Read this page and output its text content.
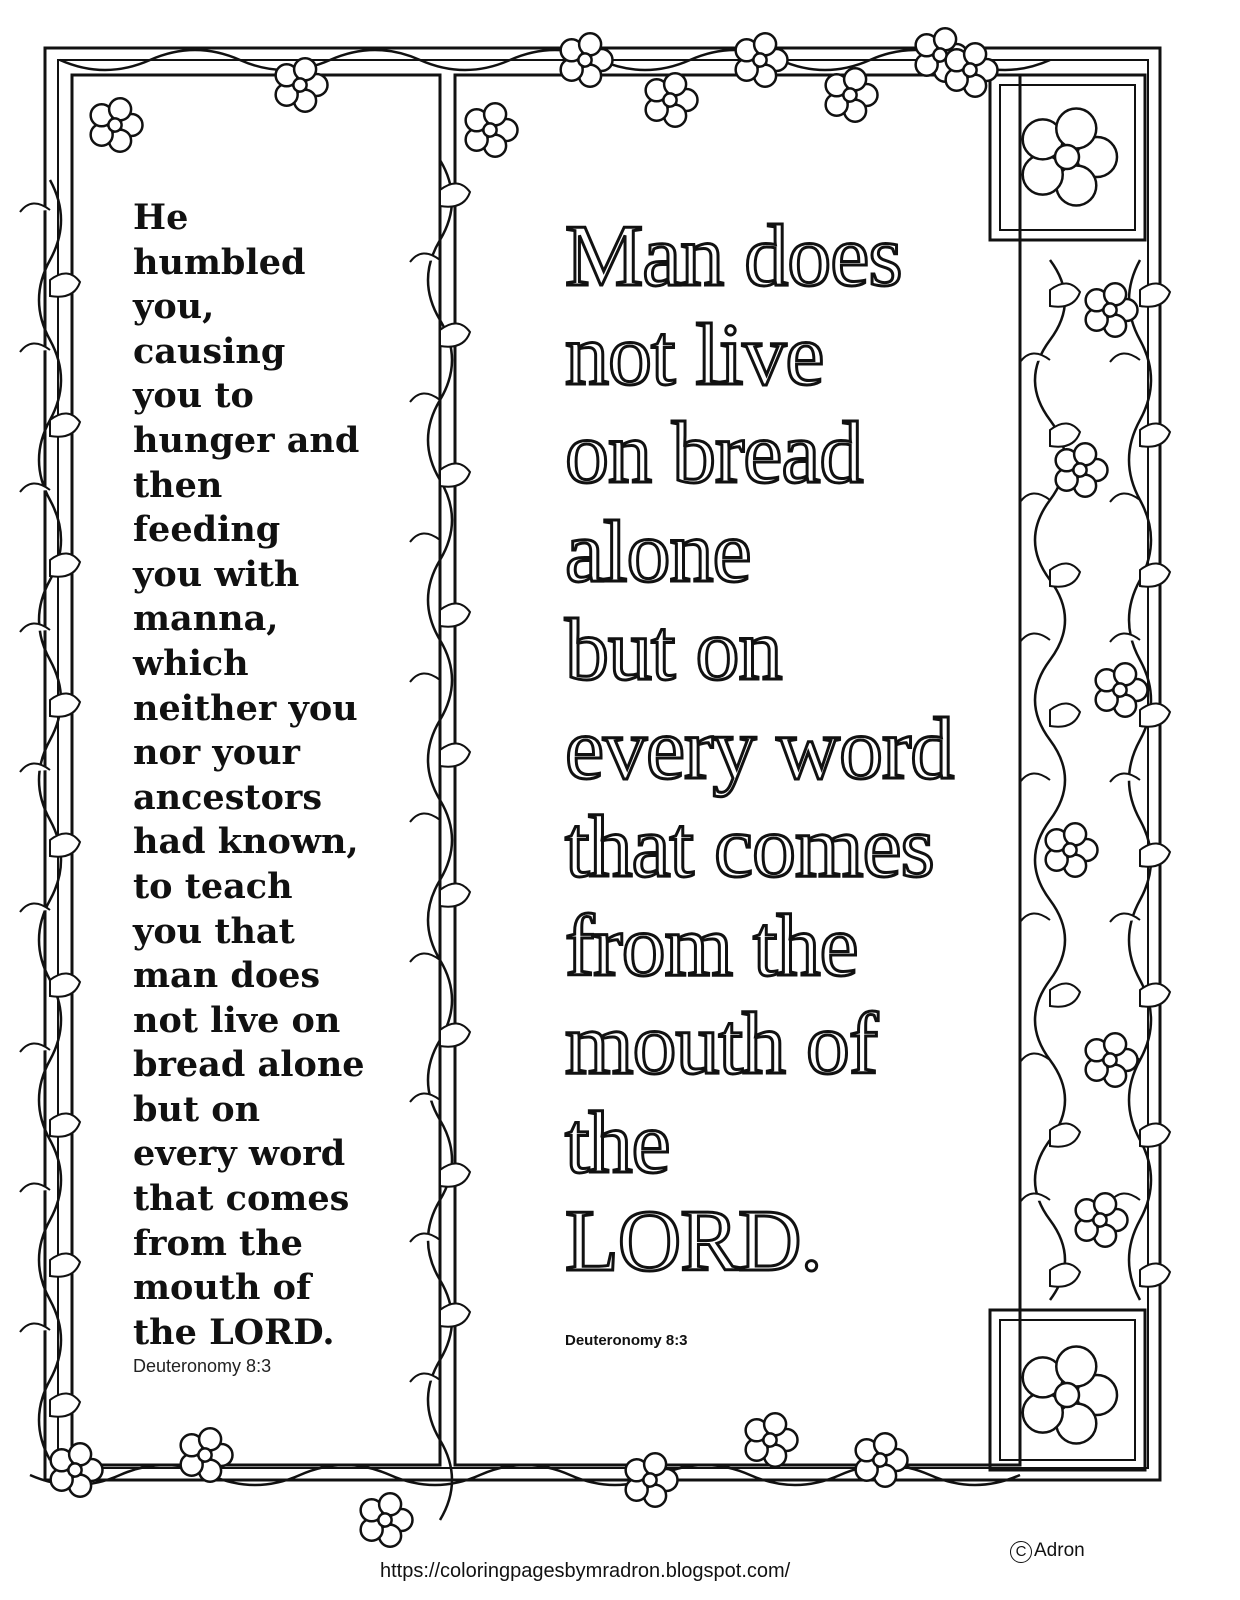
He
humbled
you,
causing
you to
hunger and
then
feeding
you with
manna,
which
neither you
nor your
ancestors
had known,
to teach
you that
man does
not live on
bread alone
but on
every word
that comes
from the
mouth of
the LORD.
Deuteronomy 8:3
Man does
not live
on bread
alone
but on
every word
that comes
from the
mouth of
the
LORD.
Deuteronomy 8:3
https://coloringpagesbymradron.blogspot.com/
C Adron
